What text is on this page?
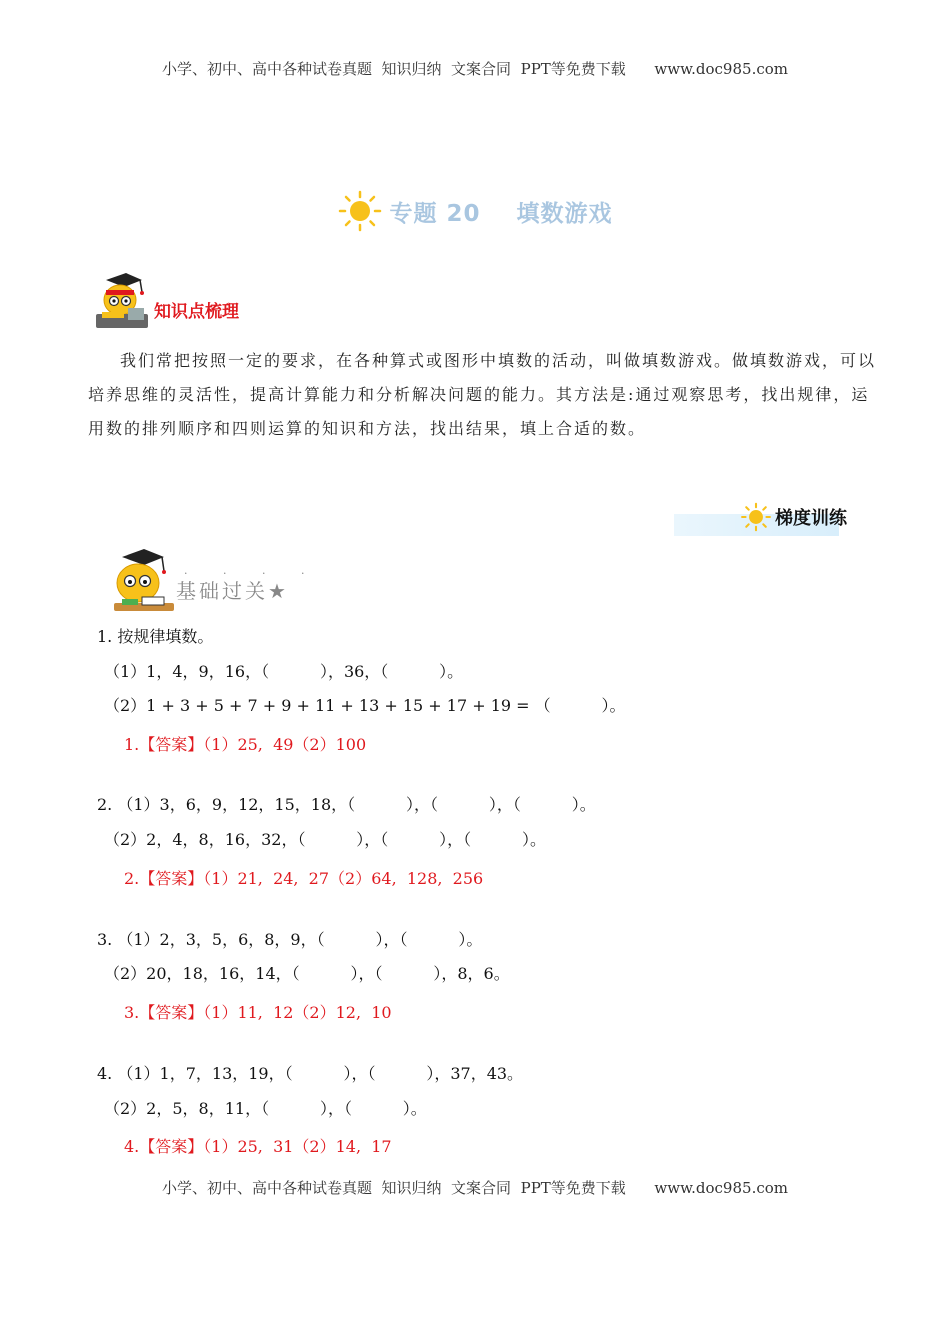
小学、初中、高中各种试卷真题  知识归纳  文案合同  PPT等免费下载      www.doc985.com
专题 20    填数游戏
知识点梳理
我们常把按照一定的要求，在各种算式或图形中填数的活动，叫做填数游戏。做填数游戏，可以培养思维的灵活性，提高计算能力和分析解决问题的能力。其方法是:通过观察思考，找出规律，运用数的排列顺序和四则运算的知识和方法，找出结果，填上合适的数。
梯度训练
· · · ·
基础过关★
1. 按规律填数。
（1）1，4，9，16，（          ），36，（          ）。
（2）1 + 3 + 5 + 7 + 9 + 11 + 13 + 15 + 17 + 19 = （          ）。
1.【答案】（1）25,  49（2）100
2. （1）3，6，9，12，15，18，（          ），（          ），（          ）。
（2）2，4，8，16，32，（          ），（          ），（          ）。
2.【答案】（1）21,  24,  27（2）64,  128,  256
3. （1）2，3，5，6，8，9，（          ），（          ）。
（2）20，18，16，14，（          ），（          ），8，6。
3.【答案】（1）11,  12（2）12,  10
4. （1）1，7，13，19，（          ），（          ），37，43。
（2）2，5，8，11，（          ），（          ）。
4.【答案】（1）25,  31（2）14,  17
小学、初中、高中各种试卷真题  知识归纳  文案合同  PPT等免费下载      www.doc985.com
